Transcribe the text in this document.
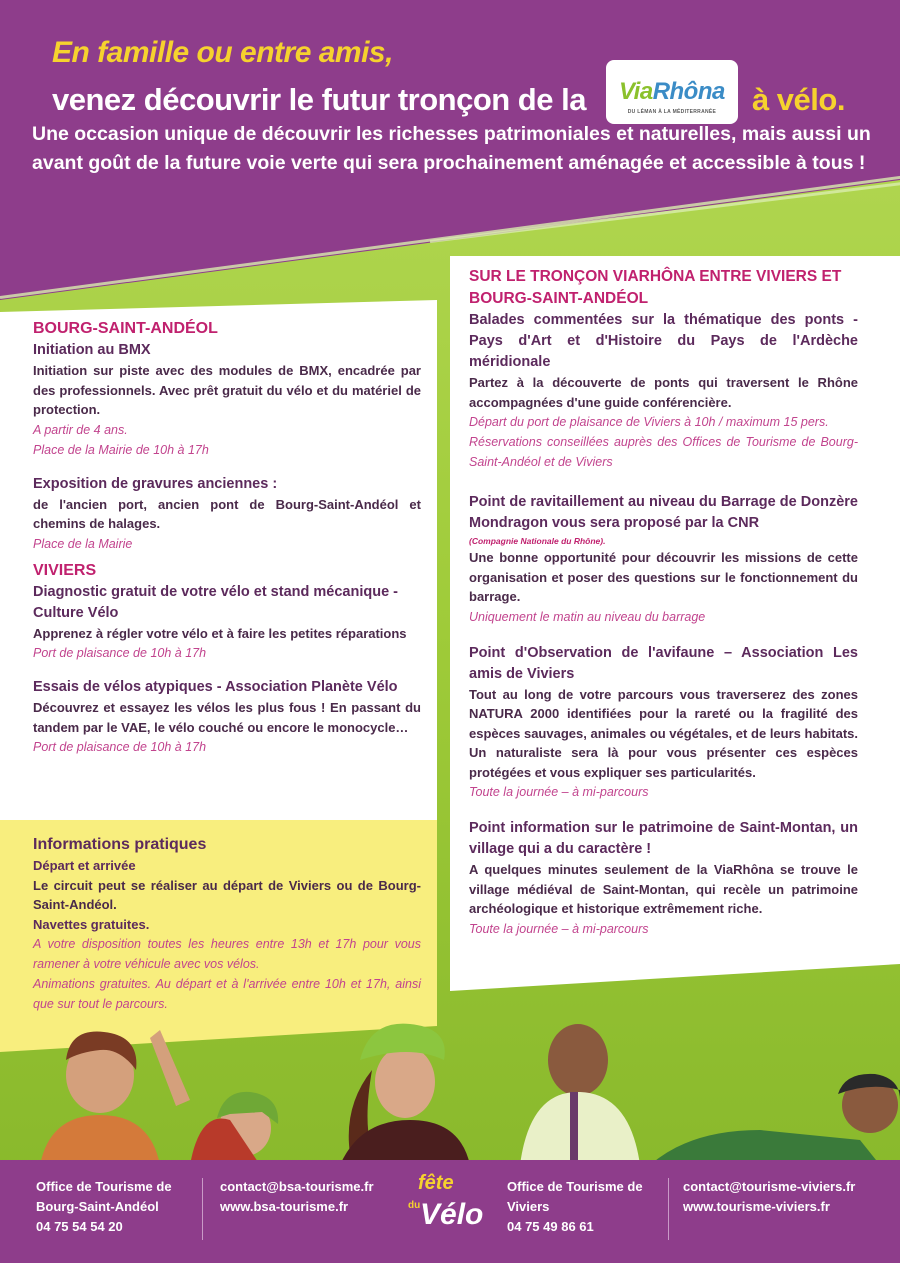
En famille ou entre amis,
venez découvrir le futur tronçon de la ViaRhôna
DU LÉMAN À LA MÉDITERRANÉE à vélo.
Une occasion unique de découvrir les richesses patrimoniales et naturelles, mais aussi un avant goût de la future voie verte qui sera prochainement aménagée et accessible à tous !
BOURG-SAINT-ANDÉOL
Initiation au BMX
Initiation sur piste avec des modules de BMX, encadrée par des professionnels. Avec prêt gratuit du vélo et du matériel de protection.
A partir de 4 ans.
Place de la Mairie de 10h à 17h
Exposition de gravures anciennes :
de l'ancien port, ancien pont de Bourg-Saint-Andéol et chemins de halages.
Place de la Mairie
VIVIERS
Diagnostic gratuit de votre vélo et stand mécanique - Culture Vélo
Apprenez à régler votre vélo et à faire les petites réparations
Port de plaisance de 10h à 17h
Essais de vélos atypiques - Association Planète Vélo
Découvrez et essayez les vélos les plus fous ! En passant du tandem par le VAE, le vélo couché ou encore le monocycle…
Port de plaisance de 10h à 17h
Informations pratiques
Départ et arrivée
Le circuit peut se réaliser au départ de Viviers ou de Bourg-Saint-Andéol.
Navettes gratuites.
A votre disposition toutes les heures entre 13h et 17h pour vous ramener à votre véhicule avec vos vélos.
Animations gratuites. Au départ et à l'arrivée entre 10h et 17h, ainsi que sur tout le parcours.
SUR LE TRONÇON VIARHÔNA ENTRE VIVIERS ET BOURG-SAINT-ANDÉOL
Balades commentées sur la thématique des ponts - Pays d'Art et d'Histoire du Pays de l'Ardèche méridionale
Partez à la découverte de ponts qui traversent le Rhône accompagnées d'une guide conférencière.
Départ du port de plaisance de Viviers à 10h / maximum 15 pers.
Réservations conseillées auprès des Offices de Tourisme de Bourg-Saint-Andéol et de Viviers
Point de ravitaillement au niveau du Barrage de Donzère Mondragon vous sera proposé par la CNR
(Compagnie Nationale du Rhône).
Une bonne opportunité pour découvrir les missions de cette organisation et poser des questions sur le fonctionnement du barrage.
Uniquement le matin au niveau du barrage
Point d'Observation de l'avifaune – Association Les amis de Viviers
Tout au long de votre parcours vous traverserez des zones NATURA 2000 identifiées pour la rareté ou la fragilité des espèces sauvages, animales ou végétales, et de leurs habitats. Un naturaliste sera là pour vous présenter ces espèces protégées et vous expliquer ses particularités.
Toute la journée – à mi-parcours
Point information sur le patrimoine de Saint-Montan, un village qui a du caractère !
A quelques minutes seulement de la ViaRhôna se trouve le village médiéval de Saint-Montan, qui recèle un patrimoine archéologique et historique extrêmement riche.
Toute la journée – à mi-parcours
Office de Tourisme de
Bourg-Saint-Andéol
04 75 54 54 20
contact@bsa-tourisme.fr
www.bsa-tourisme.fr
fête
du Vélo
Office de Tourisme de
Viviers
04 75 49 86 61
contact@tourisme-viviers.fr
www.tourisme-viviers.fr
